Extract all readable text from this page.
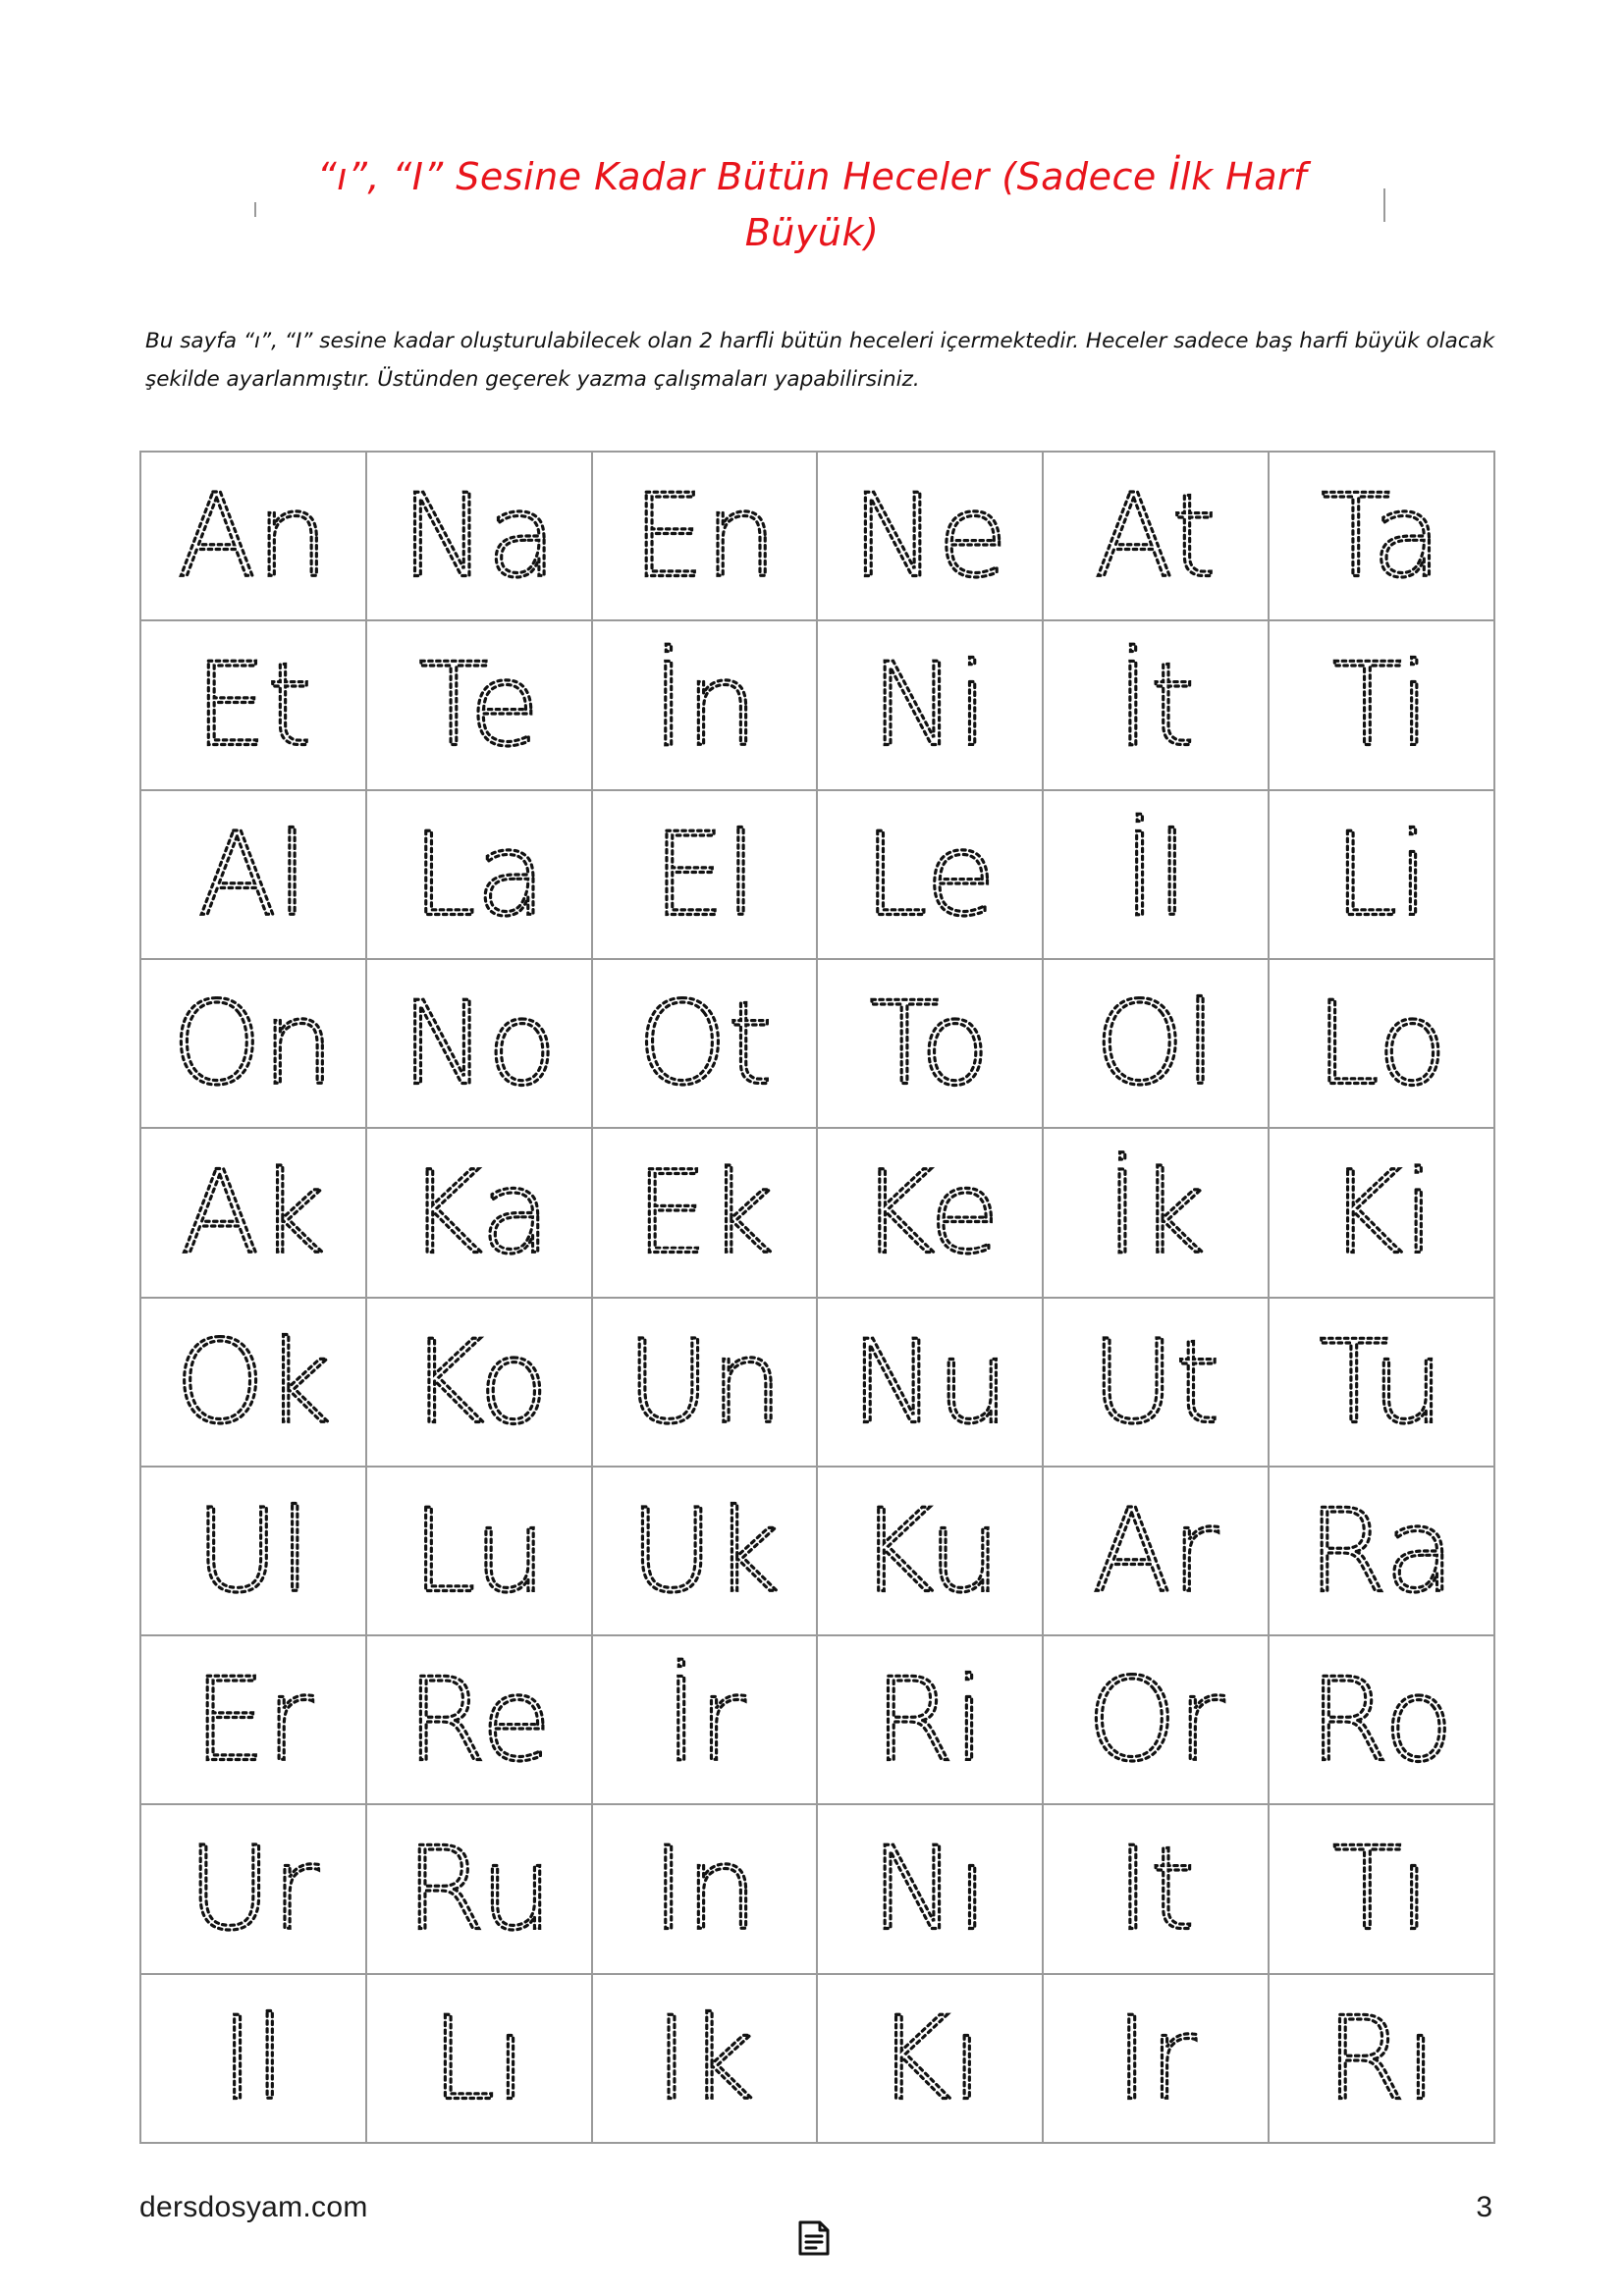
“ı”, “I” Sesine Kadar Bütün Heceler (Sadece İlk Harf Büyük)
Bu sayfa “ı”, “I” sesine kadar oluşturulabilecek olan 2 harfli bütün heceleri içermektedir. Heceler sadece baş harfi büyük olacak şekilde ayarlanmıştır. Üstünden geçerek yazma çalışmaları yapabilirsiniz.
An Na En Ne At Ta
Et Te İn Ni İt Ti
Al La El Le İl Li
On No Ot To Ol Lo
Ak Ka Ek Ke İk Ki
Ok Ko Un Nu Ut Tu
Ul Lu Uk Ku Ar Ra
Er Re İr Ri Or Ro
Ur Ru In Nı It Tı
Il Lı Ik Kı Ir Rı
dersdosyam.com	3
